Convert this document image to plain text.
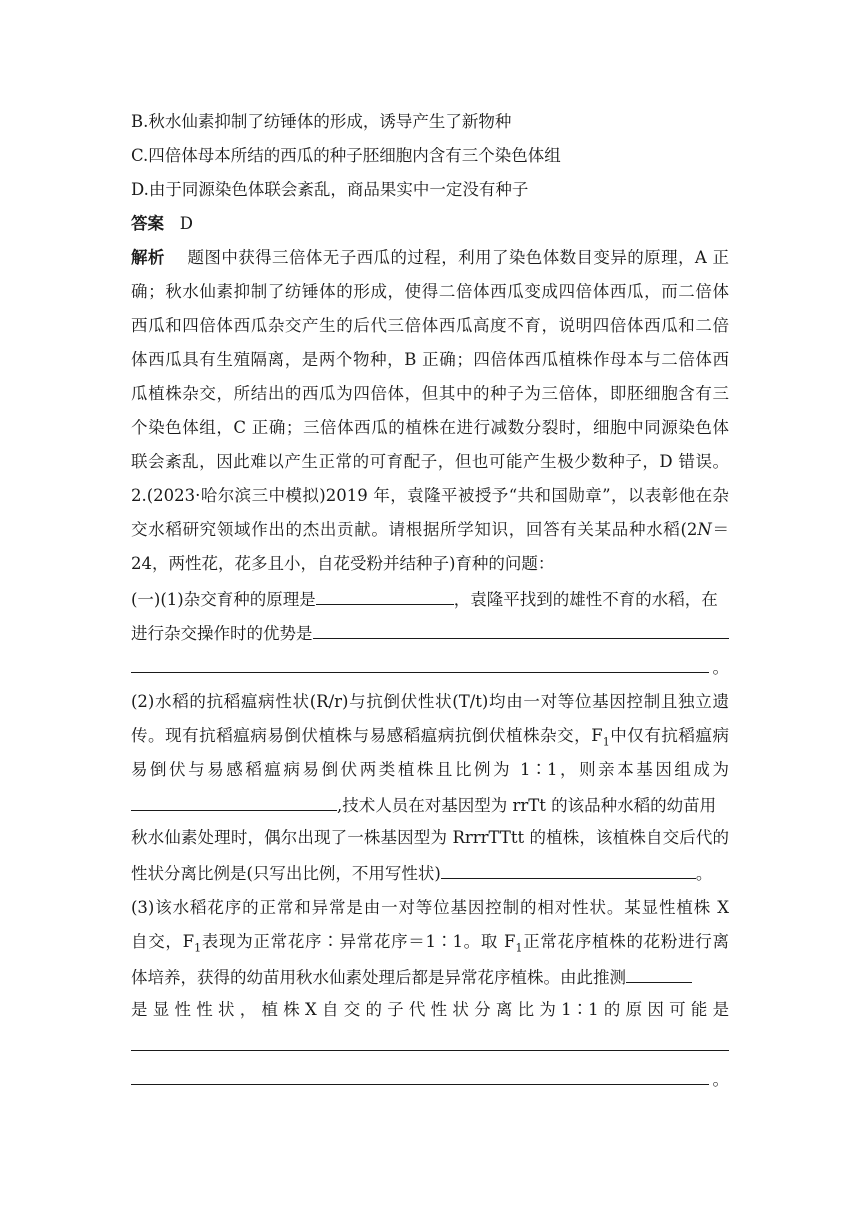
B.秋水仙素抑制了纺锤体的形成，诱导产生了新物种
C.四倍体母本所结的西瓜的种子胚细胞内含有三个染色体组
D.由于同源染色体联会紊乱，商品果实中一定没有种子
答案 D
解析 题图中获得三倍体无子西瓜的过程，利用了染色体数目变异的原理，A 正
确；秋水仙素抑制了纺锤体的形成，使得二倍体西瓜变成四倍体西瓜，而二倍体
西瓜和四倍体西瓜杂交产生的后代三倍体西瓜高度不育，说明四倍体西瓜和二倍
体西瓜具有生殖隔离，是两个物种，B 正确；四倍体西瓜植株作母本与二倍体西
瓜植株杂交，所结出的西瓜为四倍体，但其中的种子为三倍体，即胚细胞含有三
个染色体组，C 正确；三倍体西瓜的植株在进行减数分裂时，细胞中同源染色体
联会紊乱，因此难以产生正常的可育配子，但也可能产生极少数种子，D 错误。
2.(2023·哈尔滨三中模拟)2019 年，袁隆平被授予“共和国勋章”，以表彰他在杂
交水稻研究领域作出的杰出贡献。请根据所学知识，回答有关某品种水稻(2N＝
24，两性花，花多且小，自花受粉并结种子)育种的问题：
(一)(1)杂交育种的原理是	，袁隆平找到的雄性不育的水稻，在
进行杂交操作时的优势是
。
(2)水稻的抗稻瘟病性状(R/r)与抗倒伏性状(T/t)均由一对等位基因控制且独立遗
传。现有抗稻瘟病易倒伏植株与易感稻瘟病抗倒伏植株杂交，$F_1$中仅有抗稻瘟病
易倒伏与易感稻瘟病易倒伏两类植株且比例为 1∶1，则亲本基因组成为
,技术人员在对基因型为 rrTt 的该品种水稻的幼苗用
秋水仙素处理时，偶尔出现了一株基因型为 RrrrTTtt 的植株，该植株自交后代的
性状分离比例是(只写出比例，不用写性状)	。
(3)该水稻花序的正常和异常是由一对等位基因控制的相对性状。某显性植株 X
自交，$F_1$表现为正常花序∶异常花序＝1∶1。取 $F_1$正常花序植株的花粉进行离
体培养，获得的幼苗用秋水仙素处理后都是异常花序植株。由此推测
是 显 性 性 状 ， 植 株 X 自 交 的 子 代 性 状 分 离 比 为 1∶1 的 原 因 可 能 是
。
